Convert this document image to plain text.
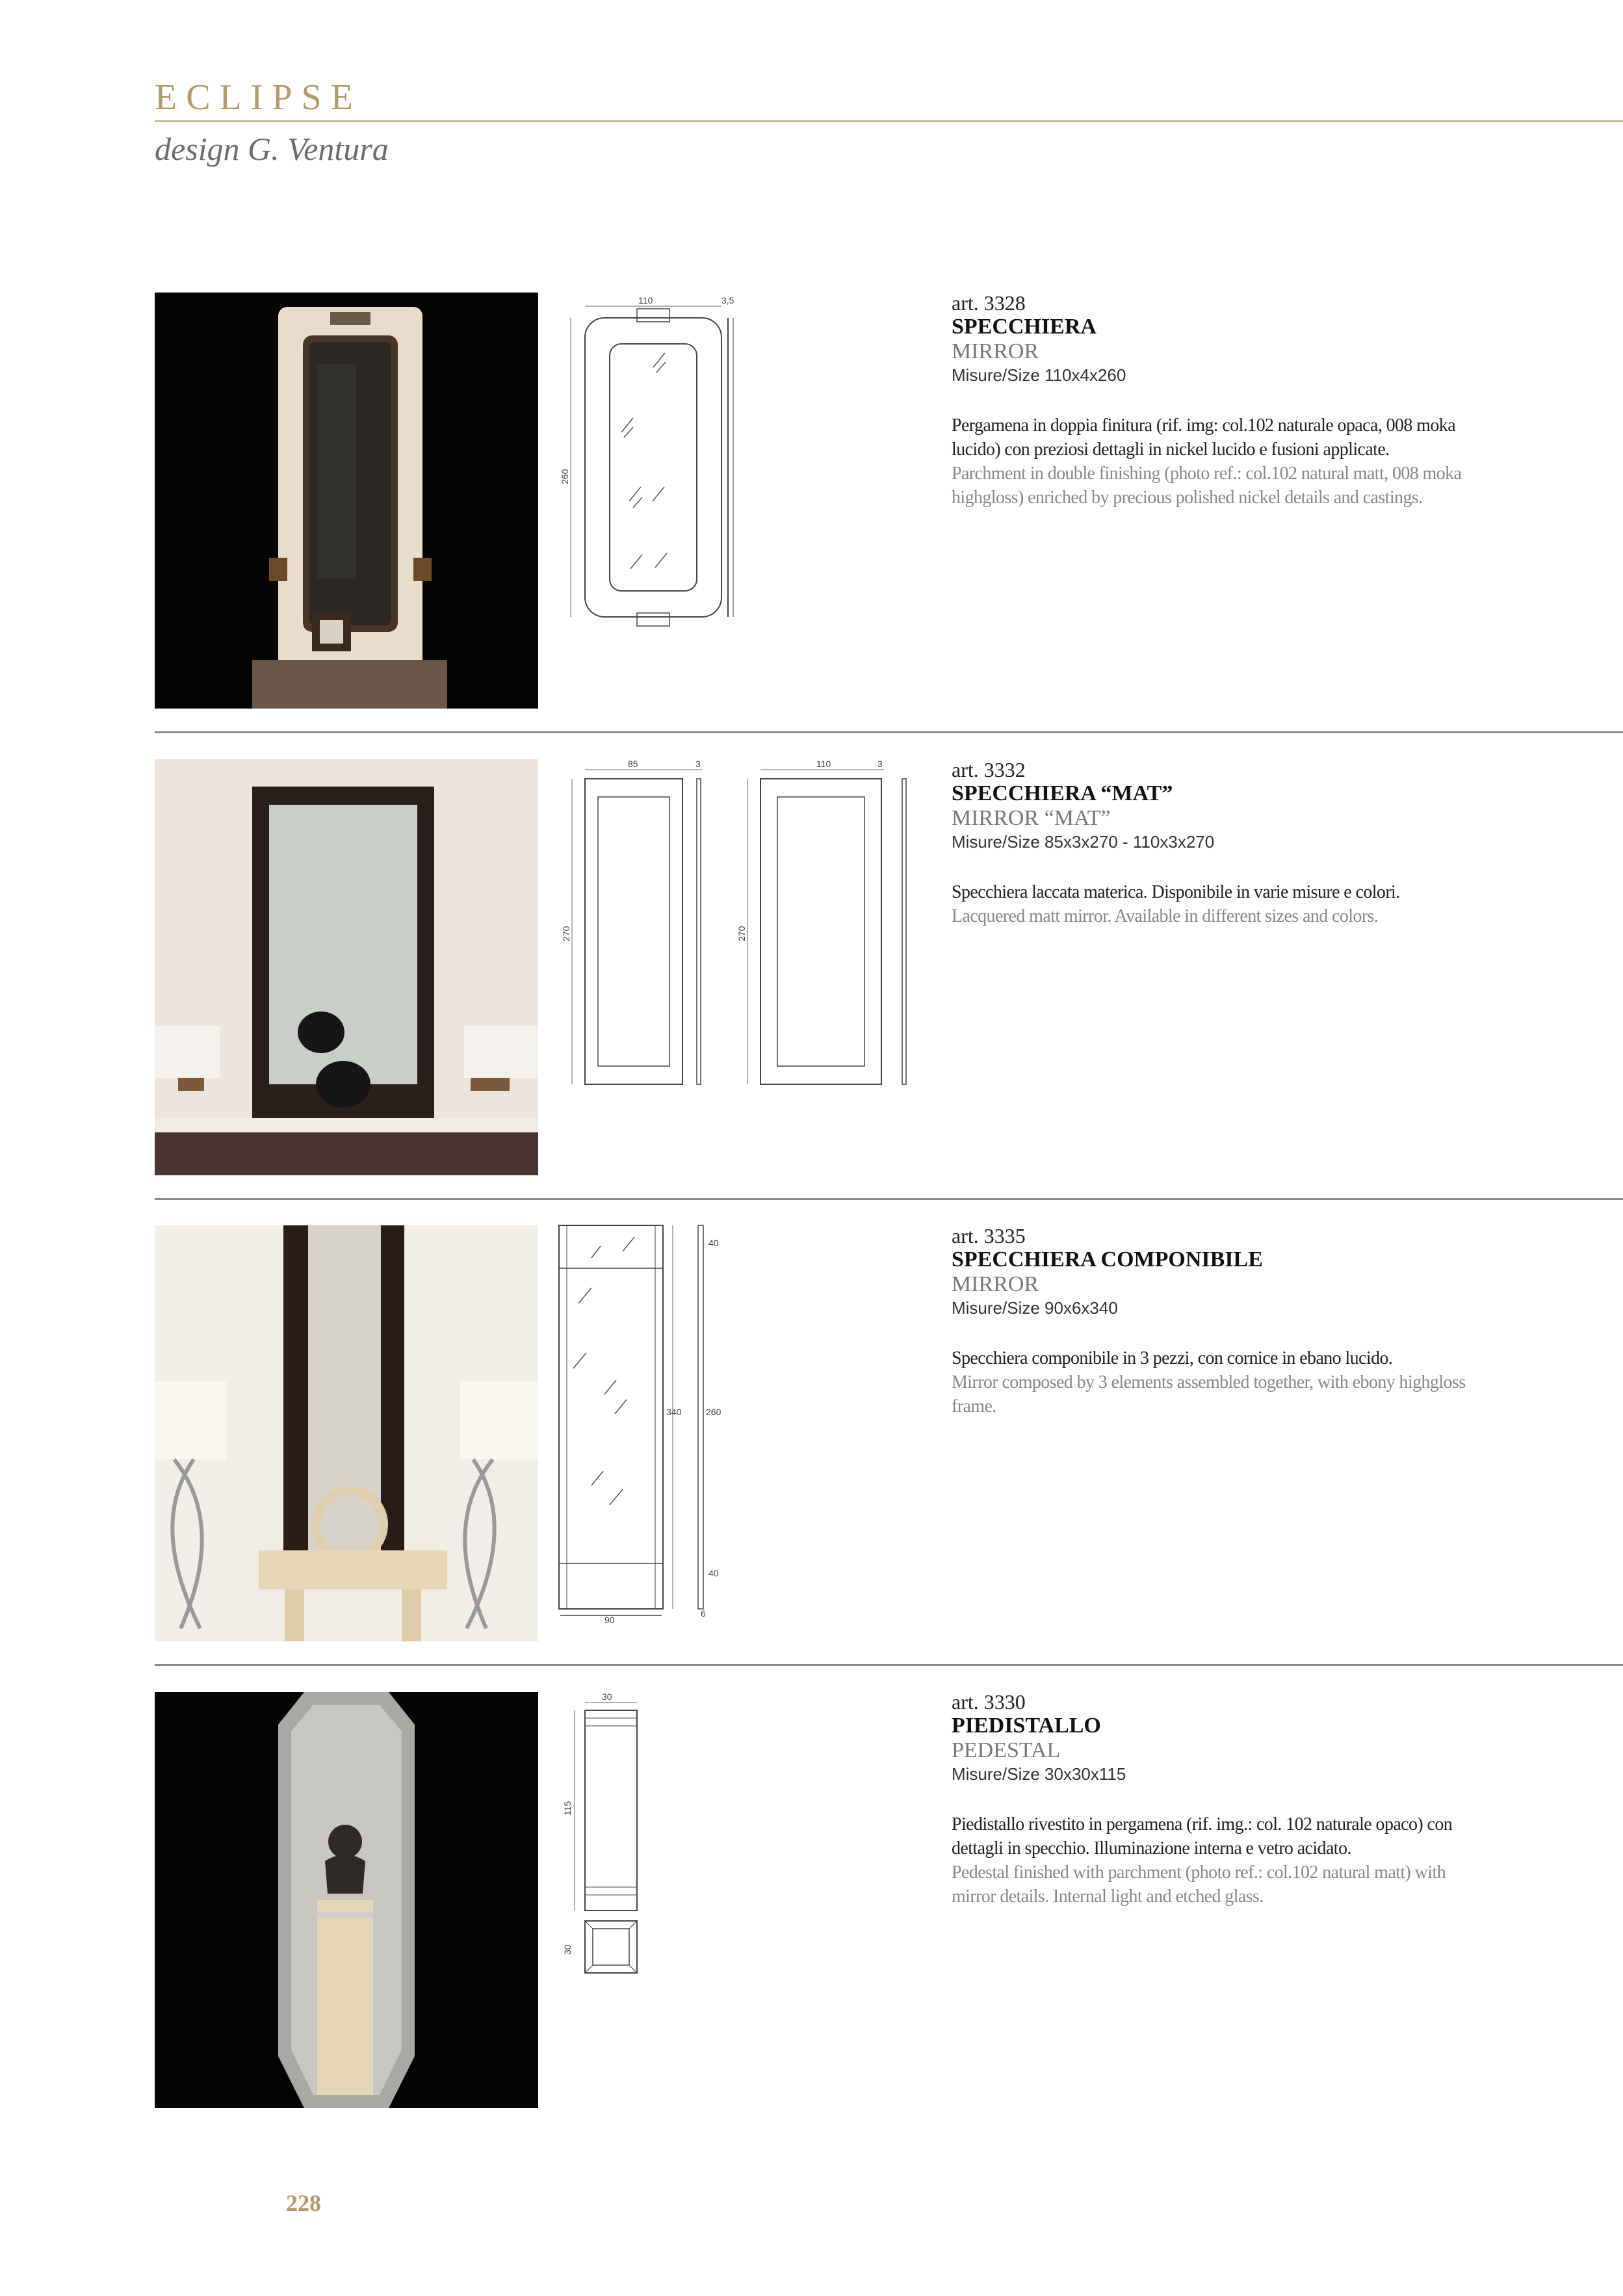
ECLIPSE
design G. Ventura
110	3,5
260
art. 3328
SPECCHIERA
MIRROR
Misure/Size 110x4x260
Pergamena in doppia finitura (rif. img: col.102 naturale opaca, 008 moka lucido) con preziosi dettagli in nickel lucido e fusioni applicate.
Parchment in double finishing (photo ref.: col.102 natural matt, 008 moka highgloss) enriched by precious polished nickel details and castings.
85	3
270
110	3
270
art. 3332
SPECCHIERA “MAT”
MIRROR “MAT”
Misure/Size 85x3x270 - 110x3x270
Specchiera laccata materica. Disponibile in varie misure e colori.
Lacquered matt mirror. Available in different sizes and colors.
90
340
40
260
40
6
art. 3335
SPECCHIERA COMPONIBILE
MIRROR
Misure/Size 90x6x340
Specchiera componibile in 3 pezzi, con cornice in ebano lucido.
Mirror composed by 3 elements assembled together, with ebony highgloss frame.
30
115
30
art. 3330
PIEDISTALLO
PEDESTAL
Misure/Size 30x30x115
Piedistallo rivestito in pergamena (rif. img.: col. 102 naturale opaco) con dettagli in specchio. Illuminazione interna e vetro acidato.
Pedestal finished with parchment (photo ref.: col.102 natural matt) with mirror details. Internal light and etched glass.
228
